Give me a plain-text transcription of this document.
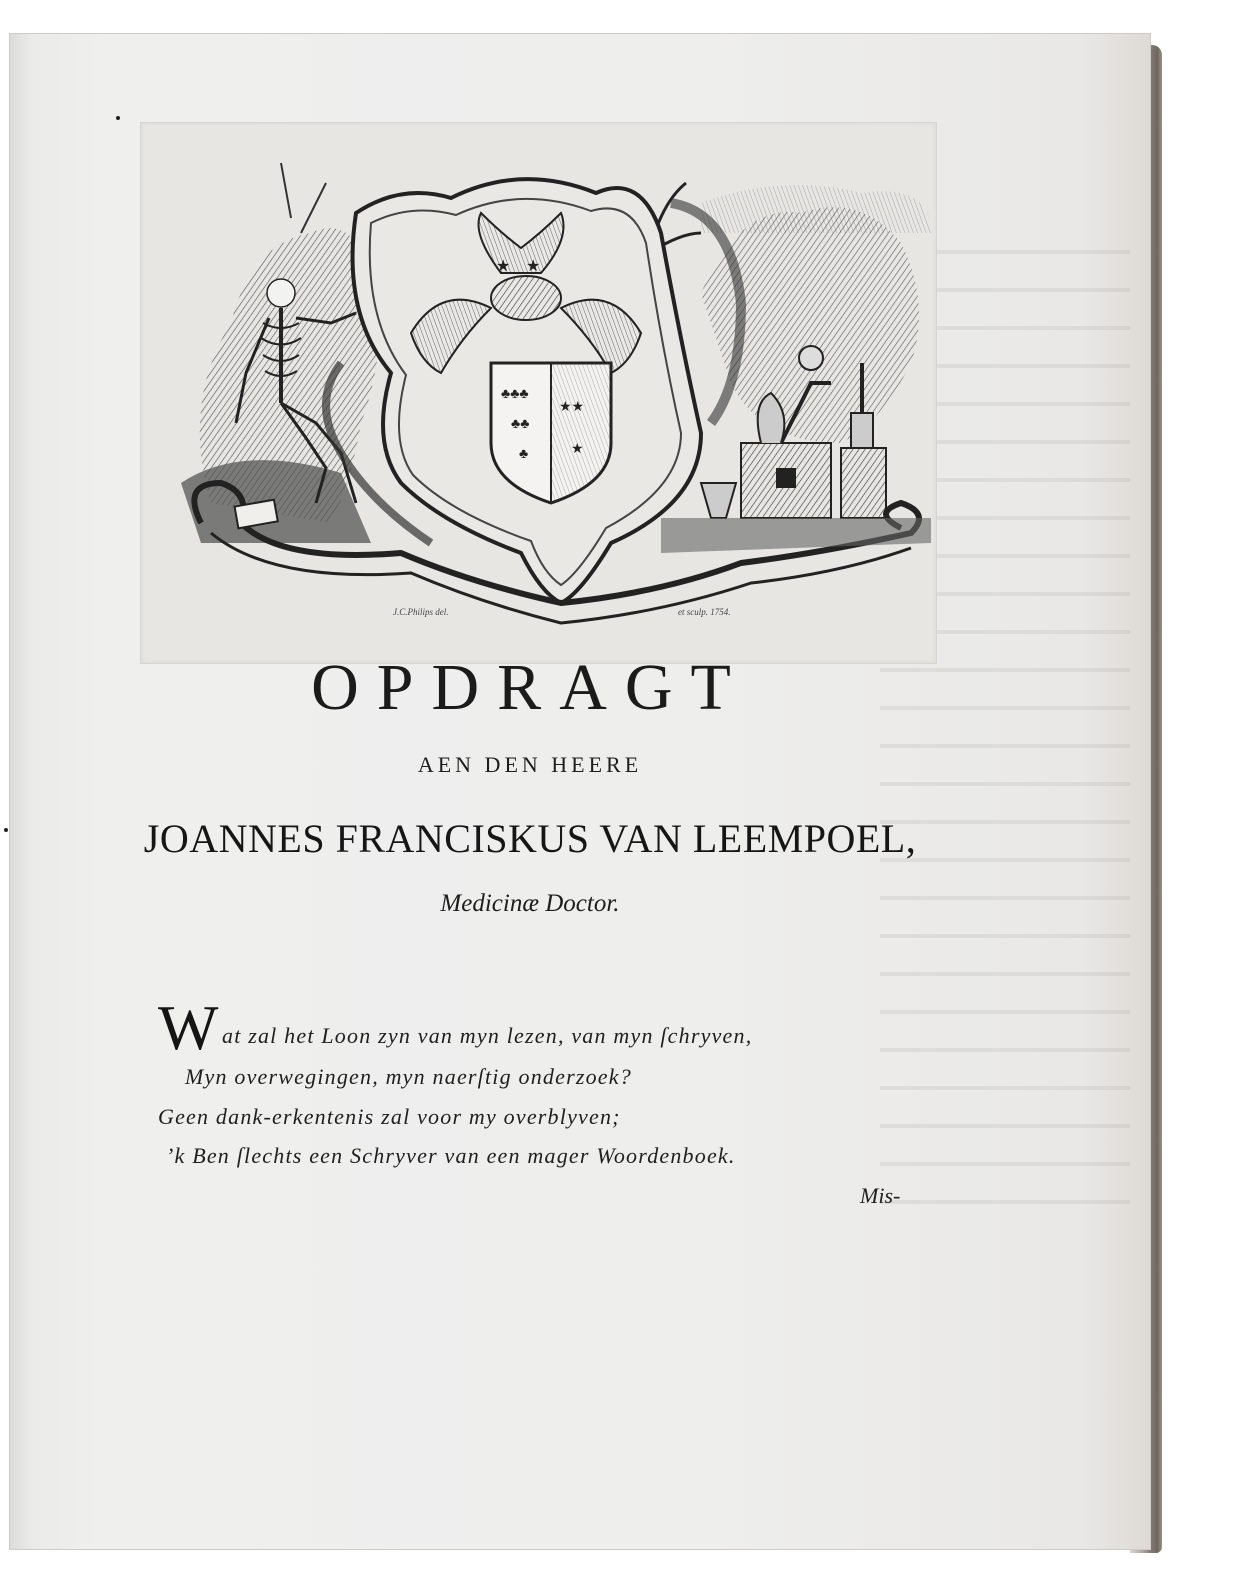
★ ★
♣♣♣
♣♣
♣
★★
★
J.C.Philips del.	et sculp. 1754.
OPDRAGT
AEN DEN HEERE
JOANNES FRANCISKUS VAN LEEMPOEL,
Medicinæ Doctor.
W at zal het Loon zyn van myn lezen, van myn ſchryven,
Myn overwegingen, myn naerſtig onderzoek?
Geen dank-erkentenis zal voor my overblyven;
’k Ben ſlechts een Schryver van een mager Woordenboek.
Mis-
